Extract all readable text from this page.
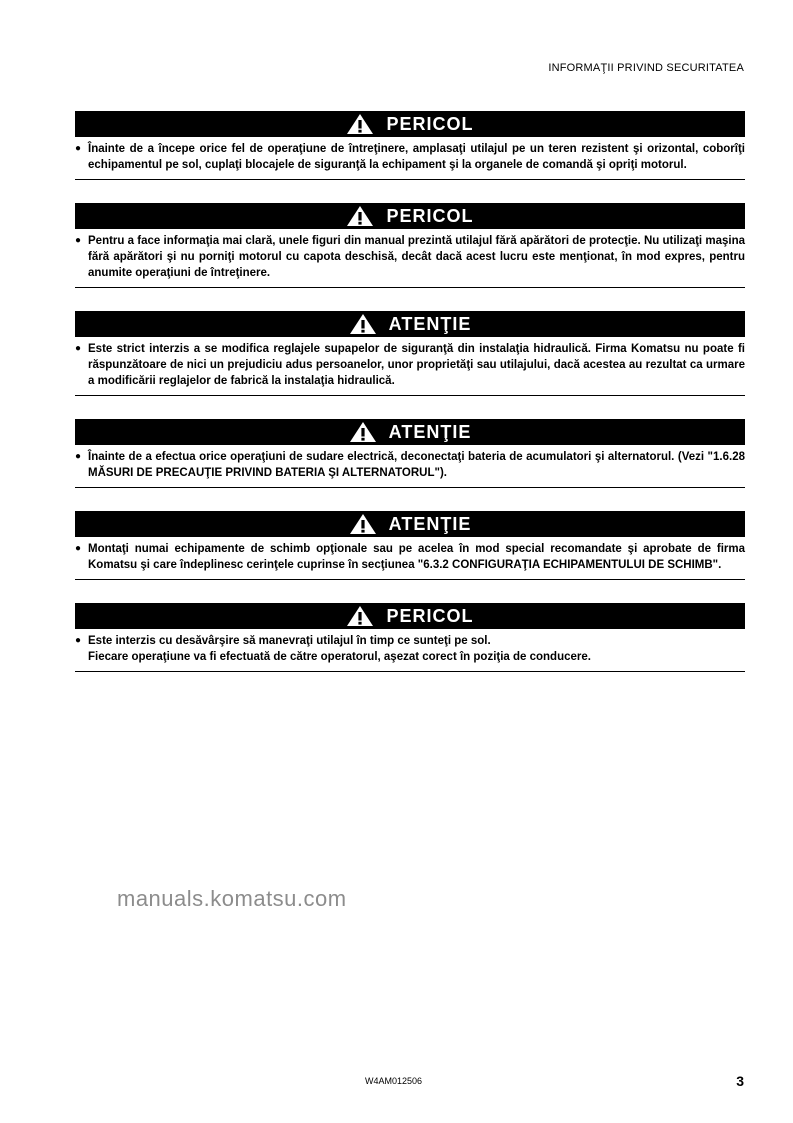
INFORMAŢII PRIVIND SECURITATEA
PERICOL
● Înainte de a începe orice fel de operaţiune de întreţinere, amplasaţi utilajul pe un teren rezistent şi orizontal, coborîţi echipamentul pe sol, cuplaţi blocajele de siguranţă la echipament şi la organele de comandă şi opriţi motorul.

PERICOL
● Pentru a face informaţia mai clară, unele figuri din manual prezintă utilajul fără apărători de protecţie. Nu utilizaţi maşina fără apărători şi nu porniţi motorul cu capota deschisă, decât dacă acest lucru este menţionat, în mod expres, pentru anumite operaţiuni de întreţinere.

ATENŢIE
● Este strict interzis a se modifica reglajele supapelor de siguranţă din instalaţia hidraulică. Firma Komatsu nu poate fi răspunzătoare de nici un prejudiciu adus persoanelor, unor proprietăţi sau utilajului, dacă acestea au rezultat ca urmare a modificării reglajelor de fabrică la instalaţia hidraulică.

ATENŢIE
● Înainte de a efectua orice operaţiuni de sudare electrică, deconectaţi bateria de acumulatori şi alternatorul. (Vezi "1.6.28 MĂSURI DE PRECAUŢIE PRIVIND BATERIA ŞI ALTERNATORUL").

ATENŢIE
● Montaţi numai echipamente de schimb opţionale sau pe acelea în mod special recomandate şi aprobate de firma Komatsu şi care îndeplinesc cerinţele cuprinse în secţiunea "6.3.2 CONFIGURAŢIA ECHIPAMENTULUI DE SCHIMB".

PERICOL
● Este interzis cu desăvârşire să manevraţi utilajul în timp ce sunteţi pe sol.

Fiecare operaţiune va fi efectuată de către operatorul, aşezat corect în poziţia de conducere.

manuals.komatsu.com
W4AM012506	3
